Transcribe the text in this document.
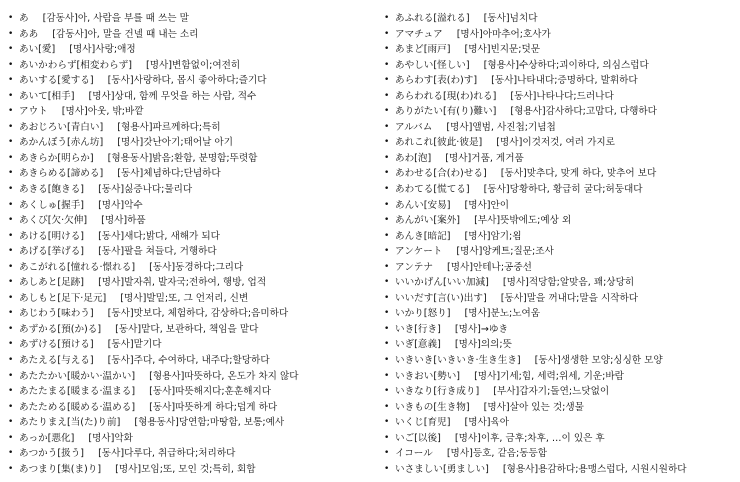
• あ [감동사]아, 사람을 부를 때 쓰는 말
• ああ [감동사]아, 말을 건넬 때 내는 소리
• あい[愛] [명사]사랑;애정
• あいかわらず[相変わらず] [명사]변함없이;여전히
• あいする[愛する] [동사]사랑하다, 몹시 좋아하다;즐기다
• あいて[相手] [명사]상대, 함께 무엇을 하는 사람, 적수
• アウト [명사]아웃, 밖;바깥
• あおじろい[青白い] [형용사]파르께하다;특히
• あかんぼう[赤ん坊] [명사]갓난아기;태어날 아기
• あきらか[明らか] [형용동사]밝음;환함, 분명함;뚜렷함
• あきらめる[諦める] [동사]체념하다;단념하다
• あきる[飽きる] [동사]싫증나다;물리다
• あくしゅ[握手] [명사]악수
• あくび[欠·欠伸] [명사]하품
• あける[明ける] [동사]새다;밝다, 새해가 되다
• あげる[挙げる] [동사]팔을 쳐들다, 거행하다
• あこがれる[憧れる·憬れる] [동사]동경하다;그리다
• あしあと[足跡] [명사]발자취, 발자국;전하여, 행방, 업적
• あしもと[足下·足元] [명사]발밑;또, 그 언저리, 신변
• あじわう[味わう] [동사]맛보다, 체험하다, 감상하다;음미하다
• あずかる[預(か)る] [동사]맡다, 보관하다, 책임을 맡다
• あずける[預ける] [동사]맡기다
• あたえる[与える] [동사]주다, 수여하다, 내주다;할당하다
• あたたかい[暖かい·温かい] [형용사]따뜻하다, 온도가 차지 않다
• あたたまる[暖まる·温まる] [동사]따뜻해지다;훈훈해지다
• あたためる[暖める·温める] [동사]따뜻하게 하다;덥게 하다
• あたりまえ[当(た)り前] [형용동사]당연함;마땅함, 보통;예사
• あっか[悪化] [명사]악화
• あつかう[扱う] [동사]다루다, 취급하다;처리하다
• あつまり[集(ま)り] [명사]모임;또, 모인 것;특히, 회합
• あふれる[溢れる] [동사]넘치다
• アマチュア [명사]아마추어;호사가
• あまど[雨戸] [명사]빈지문;덧문
• あやしい[怪しい] [형용사]수상하다;괴이하다, 의심스럽다
• あらわす[表(わ)す] [동사]나타내다;증명하다, 발휘하다
• あらわれる[現(わ)れる] [동사]나타나다;드러나다
• ありがたい[有(り)難い] [형용사]감사하다;고맙다, 다행하다
• アルバム [명사]앨범, 사진첩;기념첩
• あれこれ[彼此·彼是] [명사]이것저것, 여러 가지로
• あわ[泡] [명사]거품, 게거품
• あわせる[合(わ)せる] [동사]맞추다, 맞게 하다, 맞추어 보다
• あわてる[慌てる] [동사]당황하다, 황급히 굴다;허둥대다
• あんい[安易] [명사]안이
• あんがい[案外] [부사]뜻밖에도;예상 외
• あんき[暗記] [명사]암기;욈
• アンケート [명사]앙케트;질문;조사
• アンテナ [명사]안테나;공중선
• いいかげん[いい加減] [명사]적당함;알맞음, 꽤;상당히
• いいだす[言(い)出す] [동사]말을 꺼내다;말을 시작하다
• いかり[怒り] [명사]분노;노여움
• いき[行き] [명사]→ゆき
• いぎ[意義] [명사]의의;뜻
• いきいき[いきいき·生き生き] [동사]생생한 모양;싱싱한 모양
• いきおい[勢い] [명사]기세;힘, 세력;위세, 기운;바람
• いきなり[行き成り] [부사]갑자기;돌연;느닷없이
• いきもの[生き物] [명사]살아 있는 것;생물
• いくじ[育児] [명사]육아
• いご[以後] [명사]이후, 금후;차후, …이 있은 후
• イコール [명사]등호, 같음;동등함
• いさましい[勇ましい] [형용사]용감하다;용맹스럽다, 시원시원하다
